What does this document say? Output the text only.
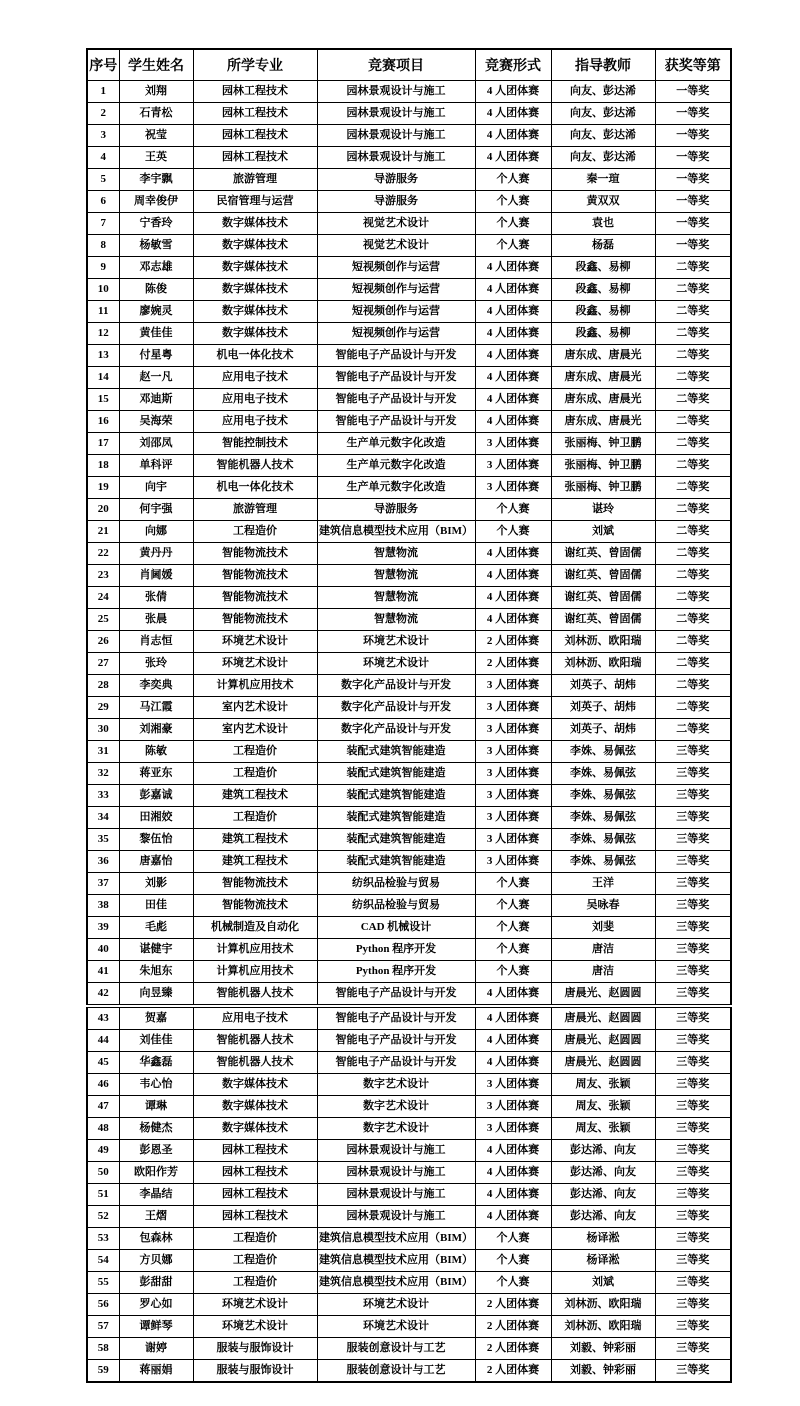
序号	学生姓名	所学专业	竞赛项目	竞赛形式	指导教师	获奖等第
1	刘翔	园林工程技术	园林景观设计与施工	4 人团体赛	向友、彭达浠	一等奖
2	石青松	园林工程技术	园林景观设计与施工	4 人团体赛	向友、彭达浠	一等奖
3	祝莹	园林工程技术	园林景观设计与施工	4 人团体赛	向友、彭达浠	一等奖
4	王英	园林工程技术	园林景观设计与施工	4 人团体赛	向友、彭达浠	一等奖
5	李宇飘	旅游管理	导游服务	个人赛	秦一瑄	一等奖
6	周幸俊伊	民宿管理与运营	导游服务	个人赛	黄双双	一等奖
7	宁香玲	数字媒体技术	视觉艺术设计	个人赛	袁也	一等奖
8	杨敏雪	数字媒体技术	视觉艺术设计	个人赛	杨磊	一等奖
9	邓志雄	数字媒体技术	短视频创作与运营	4 人团体赛	段鑫、易柳	二等奖
10	陈俊	数字媒体技术	短视频创作与运营	4 人团体赛	段鑫、易柳	二等奖
11	廖婉灵	数字媒体技术	短视频创作与运营	4 人团体赛	段鑫、易柳	二等奖
12	黄佳佳	数字媒体技术	短视频创作与运营	4 人团体赛	段鑫、易柳	二等奖
13	付星粤	机电一体化技术	智能电子产品设计与开发	4 人团体赛	唐东成、唐晨光	二等奖
14	赵一凡	应用电子技术	智能电子产品设计与开发	4 人团体赛	唐东成、唐晨光	二等奖
15	邓迪斯	应用电子技术	智能电子产品设计与开发	4 人团体赛	唐东成、唐晨光	二等奖
16	吴海荣	应用电子技术	智能电子产品设计与开发	4 人团体赛	唐东成、唐晨光	二等奖
17	刘邵凤	智能控制技术	生产单元数字化改造	3 人团体赛	张丽梅、钟卫鹏	二等奖
18	单科评	智能机器人技术	生产单元数字化改造	3 人团体赛	张丽梅、钟卫鹏	二等奖
19	向宇	机电一体化技术	生产单元数字化改造	3 人团体赛	张丽梅、钟卫鹏	二等奖
20	何宇强	旅游管理	导游服务	个人赛	谌玲	二等奖
21	向娜	工程造价	建筑信息模型技术应用（BIM）	个人赛	刘斌	二等奖
22	黄丹丹	智能物流技术	智慧物流	4 人团体赛	谢红英、曾固儒	二等奖
23	肖阃媛	智能物流技术	智慧物流	4 人团体赛	谢红英、曾固儒	二等奖
24	张倩	智能物流技术	智慧物流	4 人团体赛	谢红英、曾固儒	二等奖
25	张晨	智能物流技术	智慧物流	4 人团体赛	谢红英、曾固儒	二等奖
26	肖志恒	环境艺术设计	环境艺术设计	2 人团体赛	刘林沥、欧阳瑞	二等奖
27	张玲	环境艺术设计	环境艺术设计	2 人团体赛	刘林沥、欧阳瑞	二等奖
28	李奕典	计算机应用技术	数字化产品设计与开发	3 人团体赛	刘英子、胡炜	二等奖
29	马江霞	室内艺术设计	数字化产品设计与开发	3 人团体赛	刘英子、胡炜	二等奖
30	刘湘豪	室内艺术设计	数字化产品设计与开发	3 人团体赛	刘英子、胡炜	二等奖
31	陈敏	工程造价	装配式建筑智能建造	3 人团体赛	李姝、易佩弦	三等奖
32	蒋亚东	工程造价	装配式建筑智能建造	3 人团体赛	李姝、易佩弦	三等奖
33	彭嘉诚	建筑工程技术	装配式建筑智能建造	3 人团体赛	李姝、易佩弦	三等奖
34	田湘姣	工程造价	装配式建筑智能建造	3 人团体赛	李姝、易佩弦	三等奖
35	黎伍怡	建筑工程技术	装配式建筑智能建造	3 人团体赛	李姝、易佩弦	三等奖
36	唐嘉怡	建筑工程技术	装配式建筑智能建造	3 人团体赛	李姝、易佩弦	三等奖
37	刘影	智能物流技术	纺织品检验与贸易	个人赛	王洋	三等奖
38	田佳	智能物流技术	纺织品检验与贸易	个人赛	吴咏春	三等奖
39	毛彪	机械制造及自动化	CAD 机械设计	个人赛	刘斐	三等奖
40	谌健宇	计算机应用技术	Python 程序开发	个人赛	唐洁	三等奖
41	朱旭东	计算机应用技术	Python 程序开发	个人赛	唐洁	三等奖
42	向昱臻	智能机器人技术	智能电子产品设计与开发	4 人团体赛	唐晨光、赵圆圆	三等奖
43	贺嘉	应用电子技术	智能电子产品设计与开发	4 人团体赛	唐晨光、赵圆圆	三等奖
44	刘佳佳	智能机器人技术	智能电子产品设计与开发	4 人团体赛	唐晨光、赵圆圆	三等奖
45	华鑫磊	智能机器人技术	智能电子产品设计与开发	4 人团体赛	唐晨光、赵圆圆	三等奖
46	韦心怡	数字媒体技术	数字艺术设计	3 人团体赛	周友、张颖	三等奖
47	谭琳	数字媒体技术	数字艺术设计	3 人团体赛	周友、张颖	三等奖
48	杨健杰	数字媒体技术	数字艺术设计	3 人团体赛	周友、张颖	三等奖
49	彭恩圣	园林工程技术	园林景观设计与施工	4 人团体赛	彭达浠、向友	三等奖
50	欧阳作芳	园林工程技术	园林景观设计与施工	4 人团体赛	彭达浠、向友	三等奖
51	李晶结	园林工程技术	园林景观设计与施工	4 人团体赛	彭达浠、向友	三等奖
52	王熠	园林工程技术	园林景观设计与施工	4 人团体赛	彭达浠、向友	三等奖
53	包森林	工程造价	建筑信息模型技术应用（BIM）	个人赛	杨译淞	三等奖
54	方贝娜	工程造价	建筑信息模型技术应用（BIM）	个人赛	杨译淞	三等奖
55	彭甜甜	工程造价	建筑信息模型技术应用（BIM）	个人赛	刘斌	三等奖
56	罗心如	环境艺术设计	环境艺术设计	2 人团体赛	刘林沥、欧阳瑞	三等奖
57	谭鲜琴	环境艺术设计	环境艺术设计	2 人团体赛	刘林沥、欧阳瑞	三等奖
58	谢婷	服装与服饰设计	服装创意设计与工艺	2 人团体赛	刘毅、钟彩丽	三等奖
59	蒋丽娟	服装与服饰设计	服装创意设计与工艺	2 人团体赛	刘毅、钟彩丽	三等奖
